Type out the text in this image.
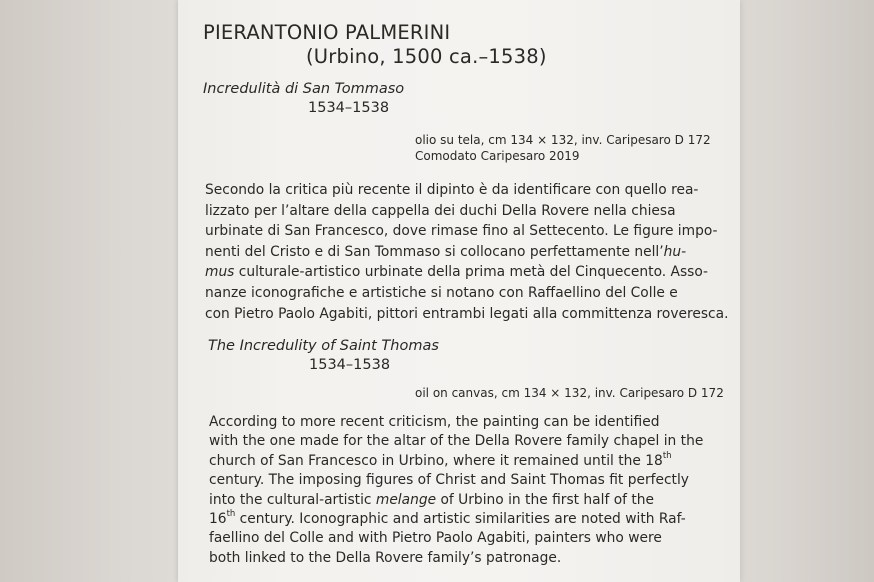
PIERANTONIO PALMERINI
(Urbino, 1500 ca.–1538)
Incredulità di San Tommaso
1534–1538
olio su tela, cm 134 × 132, inv. Caripesaro D 172
Comodato Caripesaro 2019
Secondo la critica più recente il dipinto è da identificare con quello rea-
lizzato per l’altare della cappella dei duchi Della Rovere nella chiesa
urbinate di San Francesco, dove rimase fino al Settecento. Le figure impo-
nenti del Cristo e di San Tommaso si collocano perfettamente nell’hu-
mus culturale-artistico urbinate della prima metà del Cinquecento. Asso-
nanze iconografiche e artistiche si notano con Raffaellino del Colle e
con Pietro Paolo Agabiti, pittori entrambi legati alla committenza roveresca.
The Incredulity of Saint Thomas
1534–1538
oil on canvas, cm 134 × 132, inv. Caripesaro D 172
According to more recent criticism, the painting can be identified
with the one made for the altar of the Della Rovere family chapel in the
church of San Francesco in Urbino, where it remained until the 18th
century. The imposing figures of Christ and Saint Thomas fit perfectly
into the cultural-artistic melange of Urbino in the first half of the
16th century. Iconographic and artistic similarities are noted with Raf-
faellino del Colle and with Pietro Paolo Agabiti, painters who were
both linked to the Della Rovere family’s patronage.
